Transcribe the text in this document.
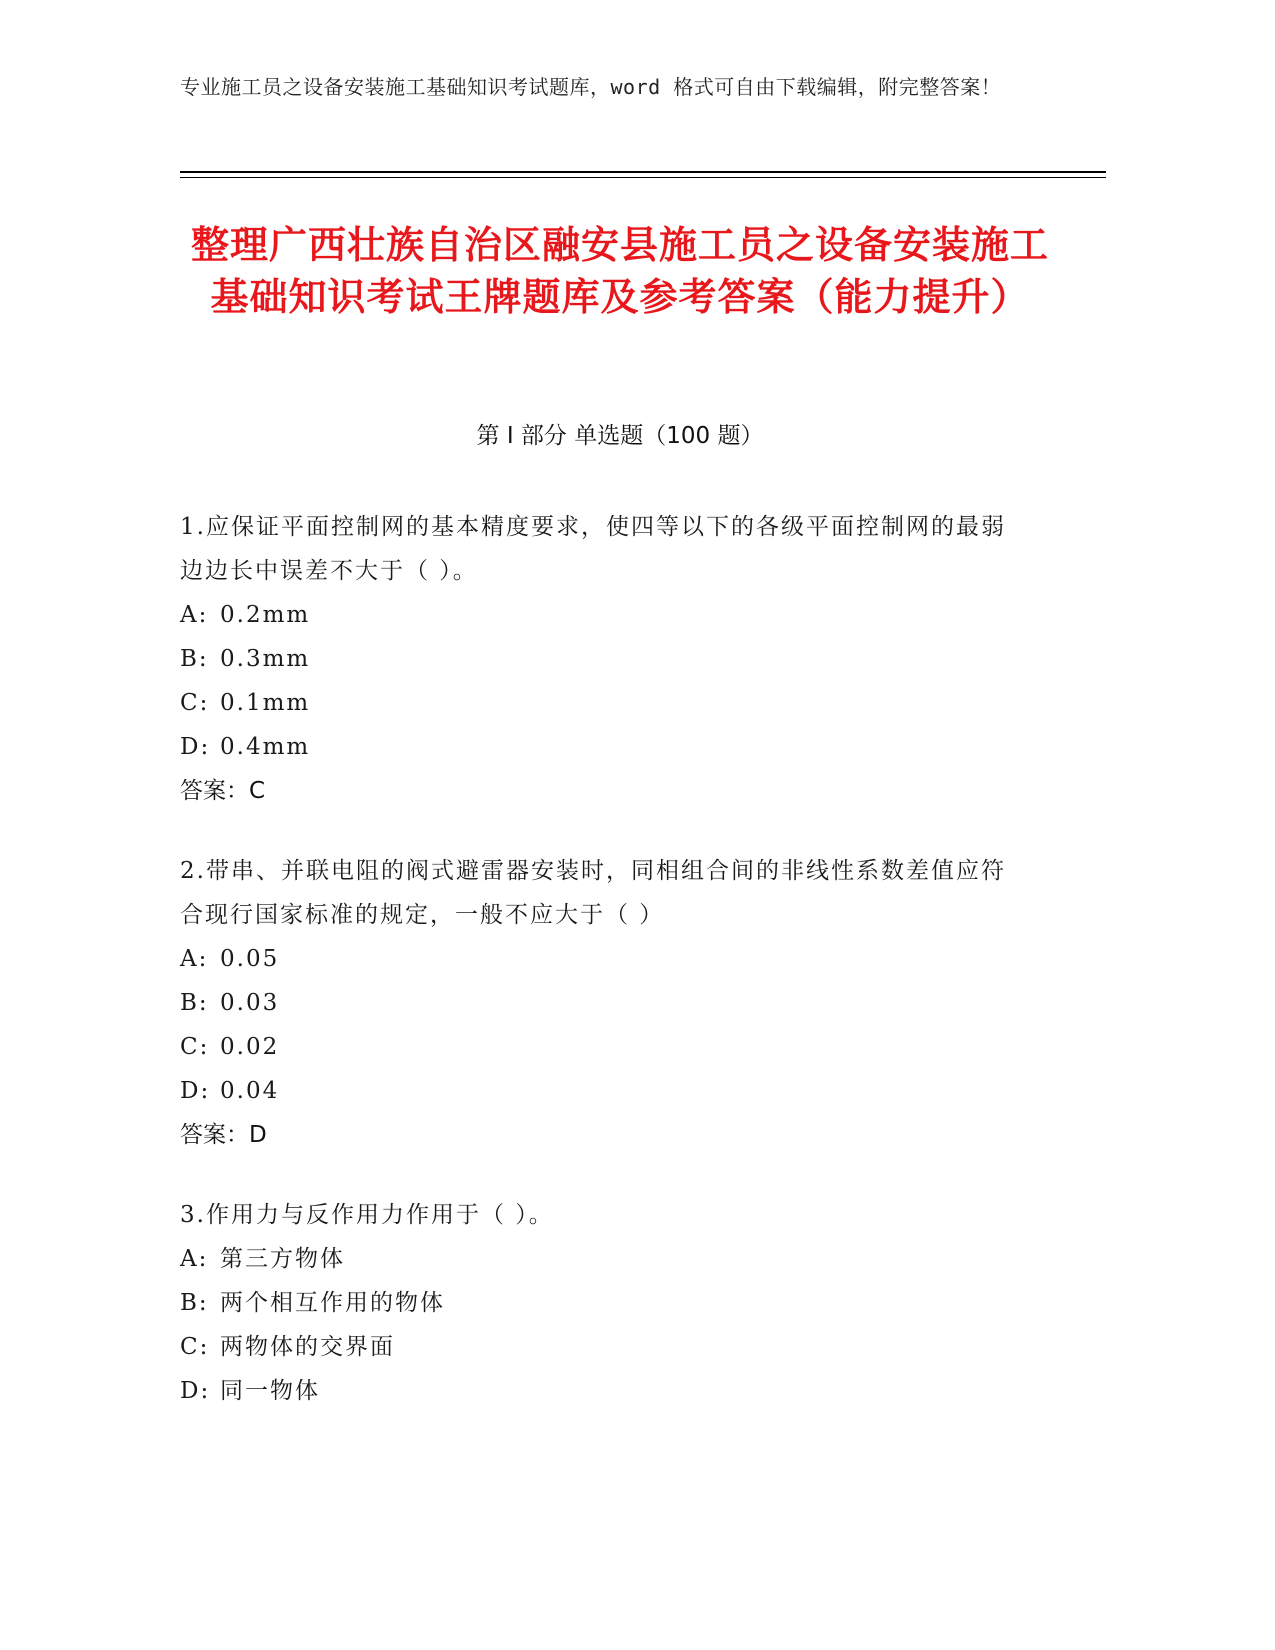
专业施工员之设备安装施工基础知识考试题库，word 格式可自由下载编辑，附完整答案！
整理广西壮族自治区融安县施工员之设备安装施工基础知识考试王牌题库及参考答案（能力提升）
第 I 部分 单选题（100 题）

1.应保证平面控制网的基本精度要求，使四等以下的各级平面控制网的最弱边边长中误差不大于（ ）。

A: 0.2mm

B: 0.3mm

C: 0.1mm

D: 0.4mm

答案：C

2.带串、并联电阻的阀式避雷器安装时，同相组合间的非线性系数差值应符合现行国家标准的规定，一般不应大于（ ）

A: 0.05

B: 0.03

C: 0.02

D: 0.04

答案：D

3.作用力与反作用力作用于（ ）。

A: 第三方物体

B: 两个相互作用的物体

C: 两物体的交界面

D: 同一物体
